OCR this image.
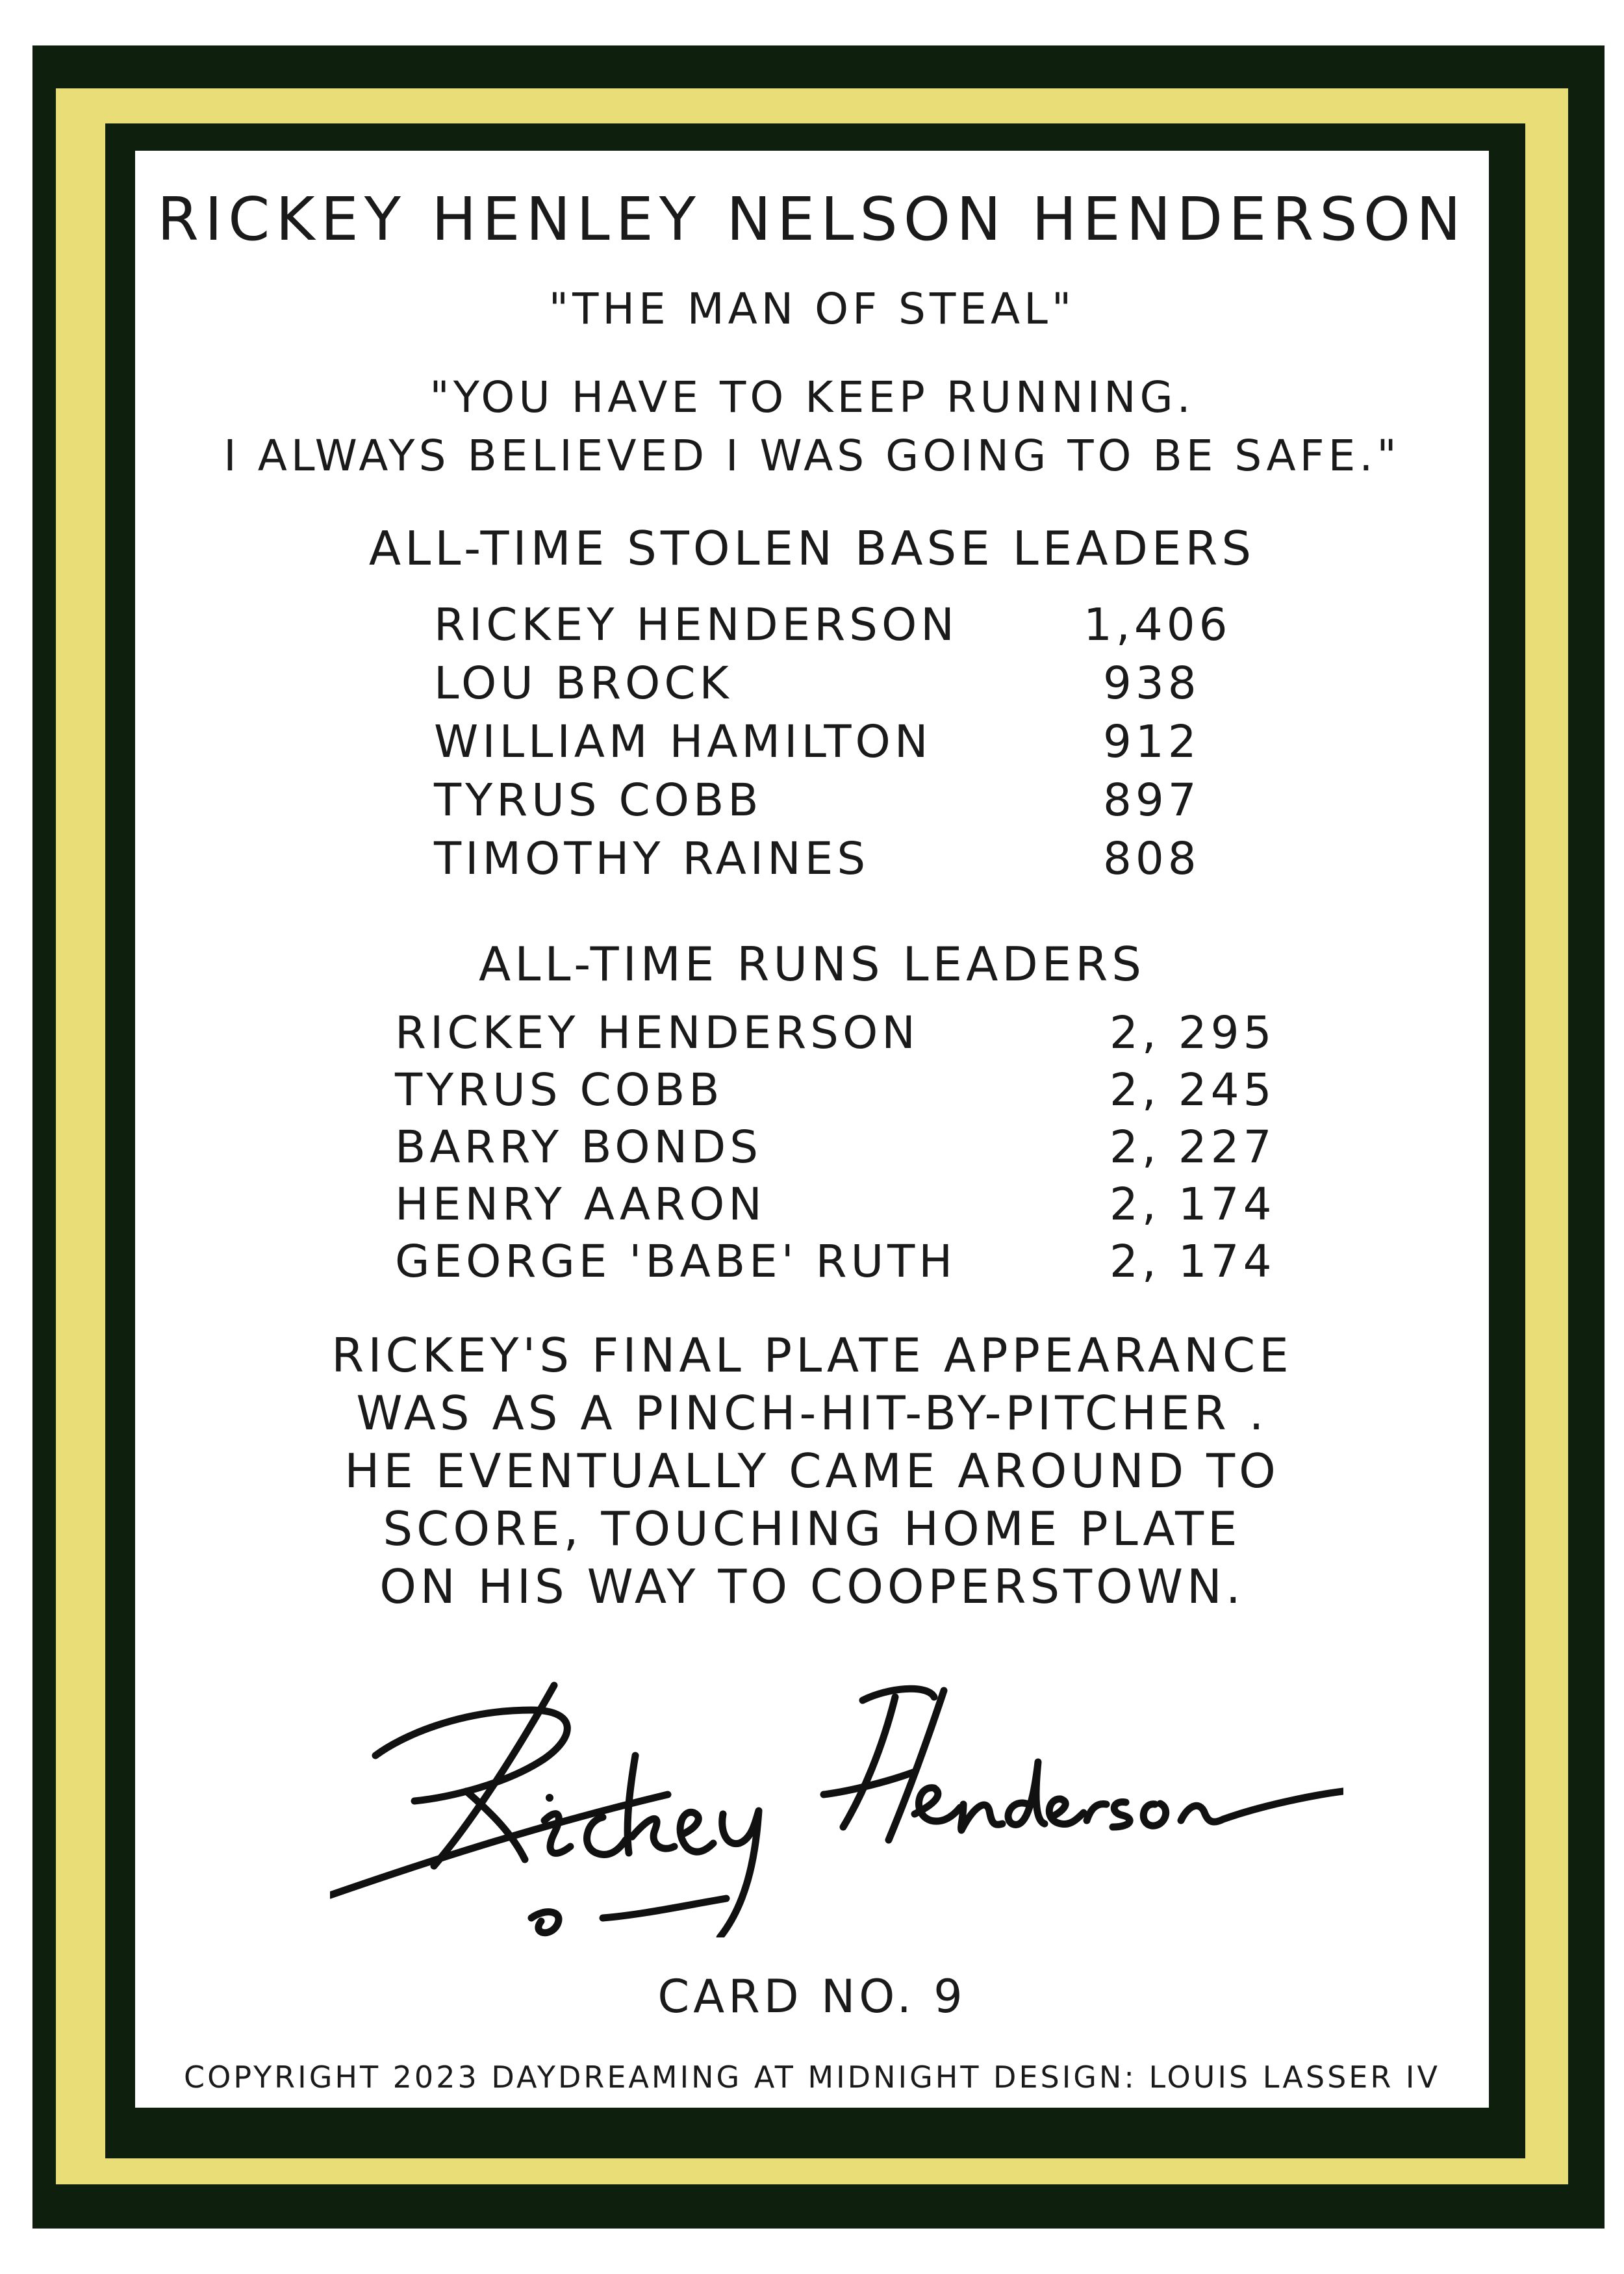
RICKEY HENLEY NELSON HENDERSON
"THE MAN OF STEAL"
"YOU HAVE TO KEEP RUNNING.
I ALWAYS BELIEVED I WAS GOING TO BE SAFE."
ALL-TIME STOLEN BASE LEADERS
RICKEY HENDERSON	1,406
LOU BROCK	938
WILLIAM HAMILTON	912
TYRUS COBB	897
TIMOTHY RAINES	808
ALL-TIME RUNS LEADERS
RICKEY HENDERSON	2, 295
TYRUS COBB	2, 245
BARRY BONDS	2, 227
HENRY AARON	2, 174
GEORGE 'BABE' RUTH	2, 174
RICKEY'S FINAL PLATE APPEARANCE
WAS AS A PINCH-HIT-BY-PITCHER .
HE EVENTUALLY CAME AROUND TO
SCORE, TOUCHING HOME PLATE
ON HIS WAY TO COOPERSTOWN.
CARD NO. 9
COPYRIGHT 2023 DAYDREAMING AT MIDNIGHT DESIGN: LOUIS LASSER IV
